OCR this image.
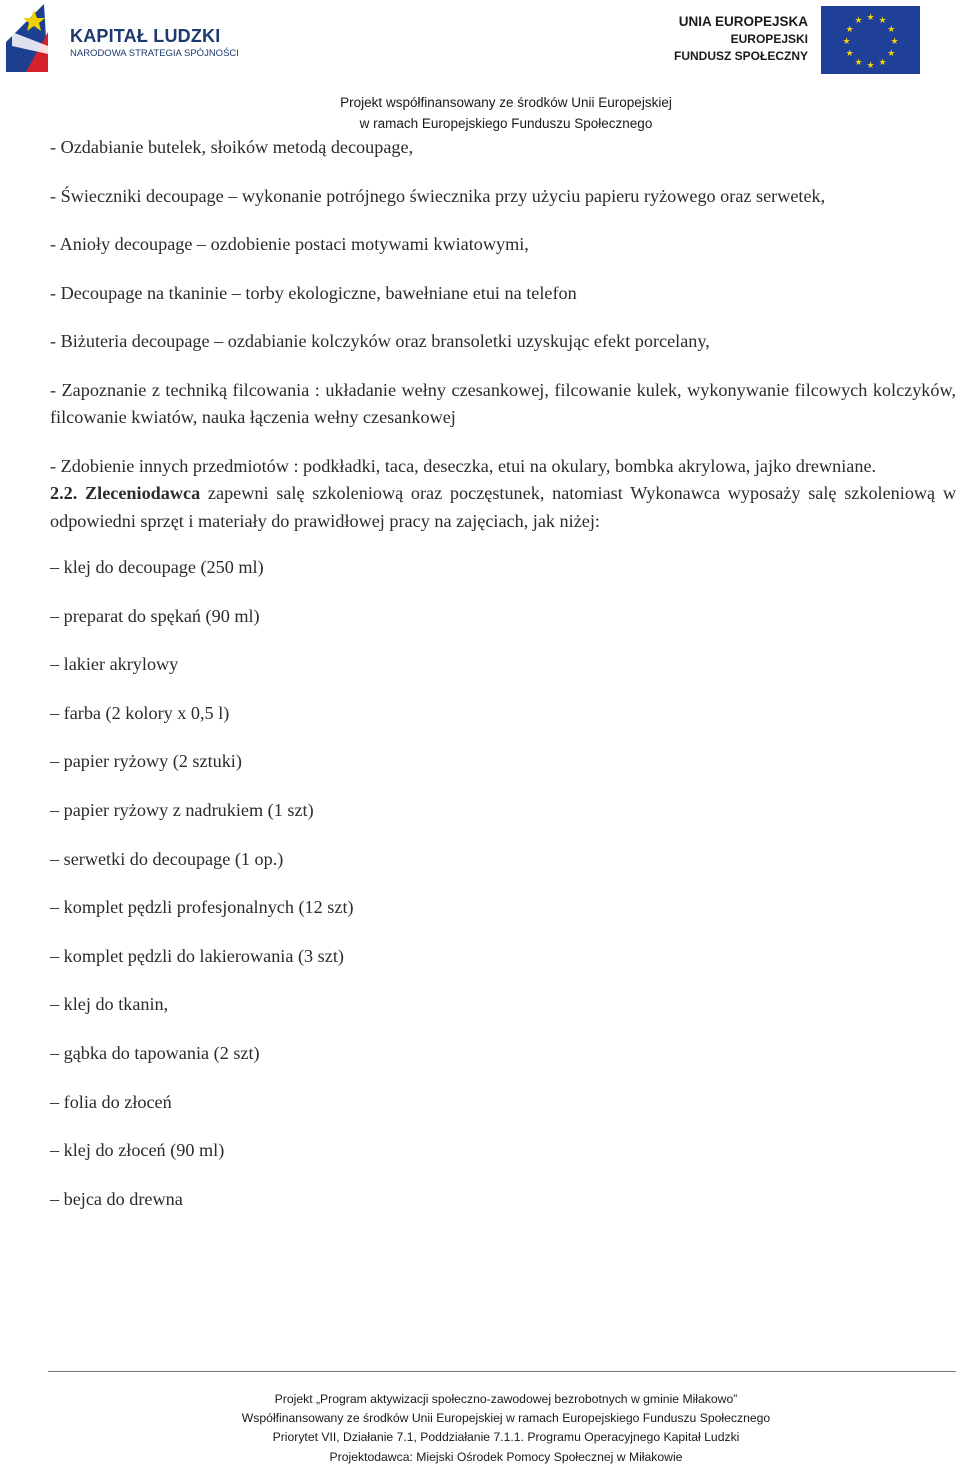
KAPITAŁ LUDZKI
NARODOWA STRATEGIA SPÓJNOŚCI
UNIA EUROPEJSKA
EUROPEJSKI
FUNDUSZ SPOŁECZNY
★ ★
★
★
★
★
★
★
★
★
★
★
Projekt współfinansowany ze środków Unii Europejskiej
w ramach Europejskiego Funduszu Społecznego

- Ozdabianie butelek, słoików metodą decoupage,

- Świeczniki decoupage – wykonanie potrójnego świecznika przy użyciu papieru ryżowego oraz serwetek,

- Anioły decoupage – ozdobienie postaci motywami kwiatowymi,

- Decoupage na tkaninie – torby ekologiczne, bawełniane etui na telefon

- Biżuteria decoupage – ozdabianie kolczyków oraz bransoletki uzyskując efekt porcelany,

- Zapoznanie z techniką filcowania : układanie wełny czesankowej, filcowanie kulek, wykonywanie filcowych kolczyków, filcowanie kwiatów, nauka łączenia wełny czesankowej

- Zdobienie innych przedmiotów : podkładki, taca, deseczka, etui na okulary, bombka akrylowa, jajko drewniane.

2.2. Zleceniodawca zapewni salę szkoleniową oraz poczęstunek, natomiast Wykonawca wyposaży salę szkoleniową w odpowiedni sprzęt i materiały do prawidłowej pracy na zajęciach, jak niżej:

– klej do decoupage (250 ml)
– preparat do spękań (90 ml)
– lakier akrylowy
– farba (2 kolory x 0,5 l)
– papier ryżowy (2 sztuki)
– papier ryżowy z nadrukiem (1 szt)
– serwetki do decoupage (1 op.)
– komplet pędzli profesjonalnych (12 szt)
– komplet pędzli do lakierowania (3 szt)
– klej do tkanin,
– gąbka do tapowania (2 szt)
– folia do złoceń
– klej do złoceń (90 ml)
– bejca do drewna
Projekt „Program aktywizacji społeczno-zawodowej bezrobotnych w gminie Miłakowo”
Współfinansowany ze środków Unii Europejskiej w ramach Europejskiego Funduszu Społecznego
Priorytet VII, Działanie 7.1, Poddziałanie 7.1.1. Programu Operacyjnego Kapitał Ludzki
Projektodawca: Miejski Ośrodek Pomocy Społecznej w Miłakowie
